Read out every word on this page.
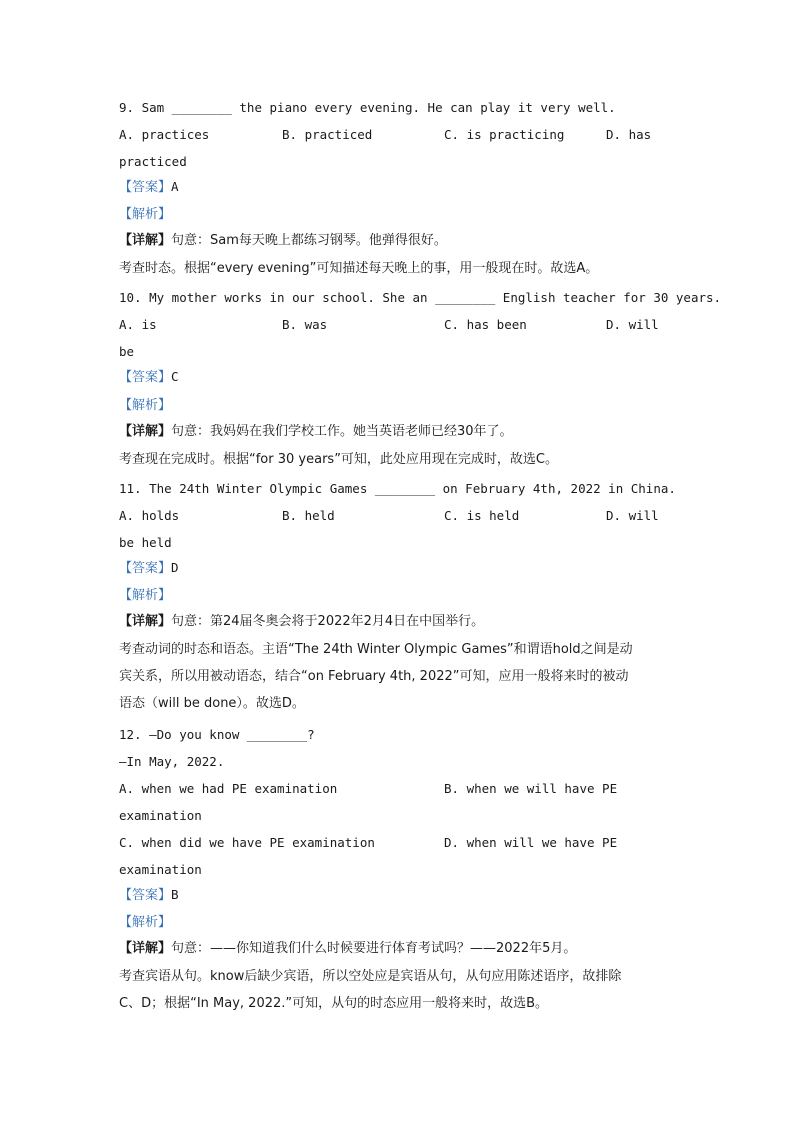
9. Sam ________ the piano every evening. He can play it very well.
A. practices	B. practiced	C. is practicing	D. has
practiced
【答案】A
【解析】
【详解】句意：Sam每天晚上都练习钢琴。他弹得很好。
考查时态。根据“every evening”可知描述每天晚上的事，用一般现在时。故选A。
10. My mother works in our school. She an ________ English teacher for 30 years.
A. is	B. was	C. has been	D. will
be
【答案】C
【解析】
【详解】句意：我妈妈在我们学校工作。她当英语老师已经30年了。
考查现在完成时。根据“for 30 years”可知，此处应用现在完成时，故选C。
11. The 24th Winter Olympic Games ________ on February 4th, 2022 in China.
A. holds	B. held	C. is held	D. will
be held
【答案】D
【解析】
【详解】句意：第24届冬奥会将于2022年2月4日在中国举行。
考查动词的时态和语态。主语“The 24th Winter Olympic Games”和谓语hold之间是动
宾关系，所以用被动语态，结合“on February 4th, 2022”可知，应用一般将来时的被动
语态（will be done）。故选D。
12. —Do you know ________?
—In May, 2022.
A. when we had PE examination	B. when we will have PE
examination
C. when did we have PE examination	D. when will we have PE
examination
【答案】B
【解析】
【详解】句意：——你知道我们什么时候要进行体育考试吗？——2022年5月。
考查宾语从句。know后缺少宾语，所以空处应是宾语从句，从句应用陈述语序，故排除
C、D；根据“In May, 2022.”可知，从句的时态应用一般将来时，故选B。
